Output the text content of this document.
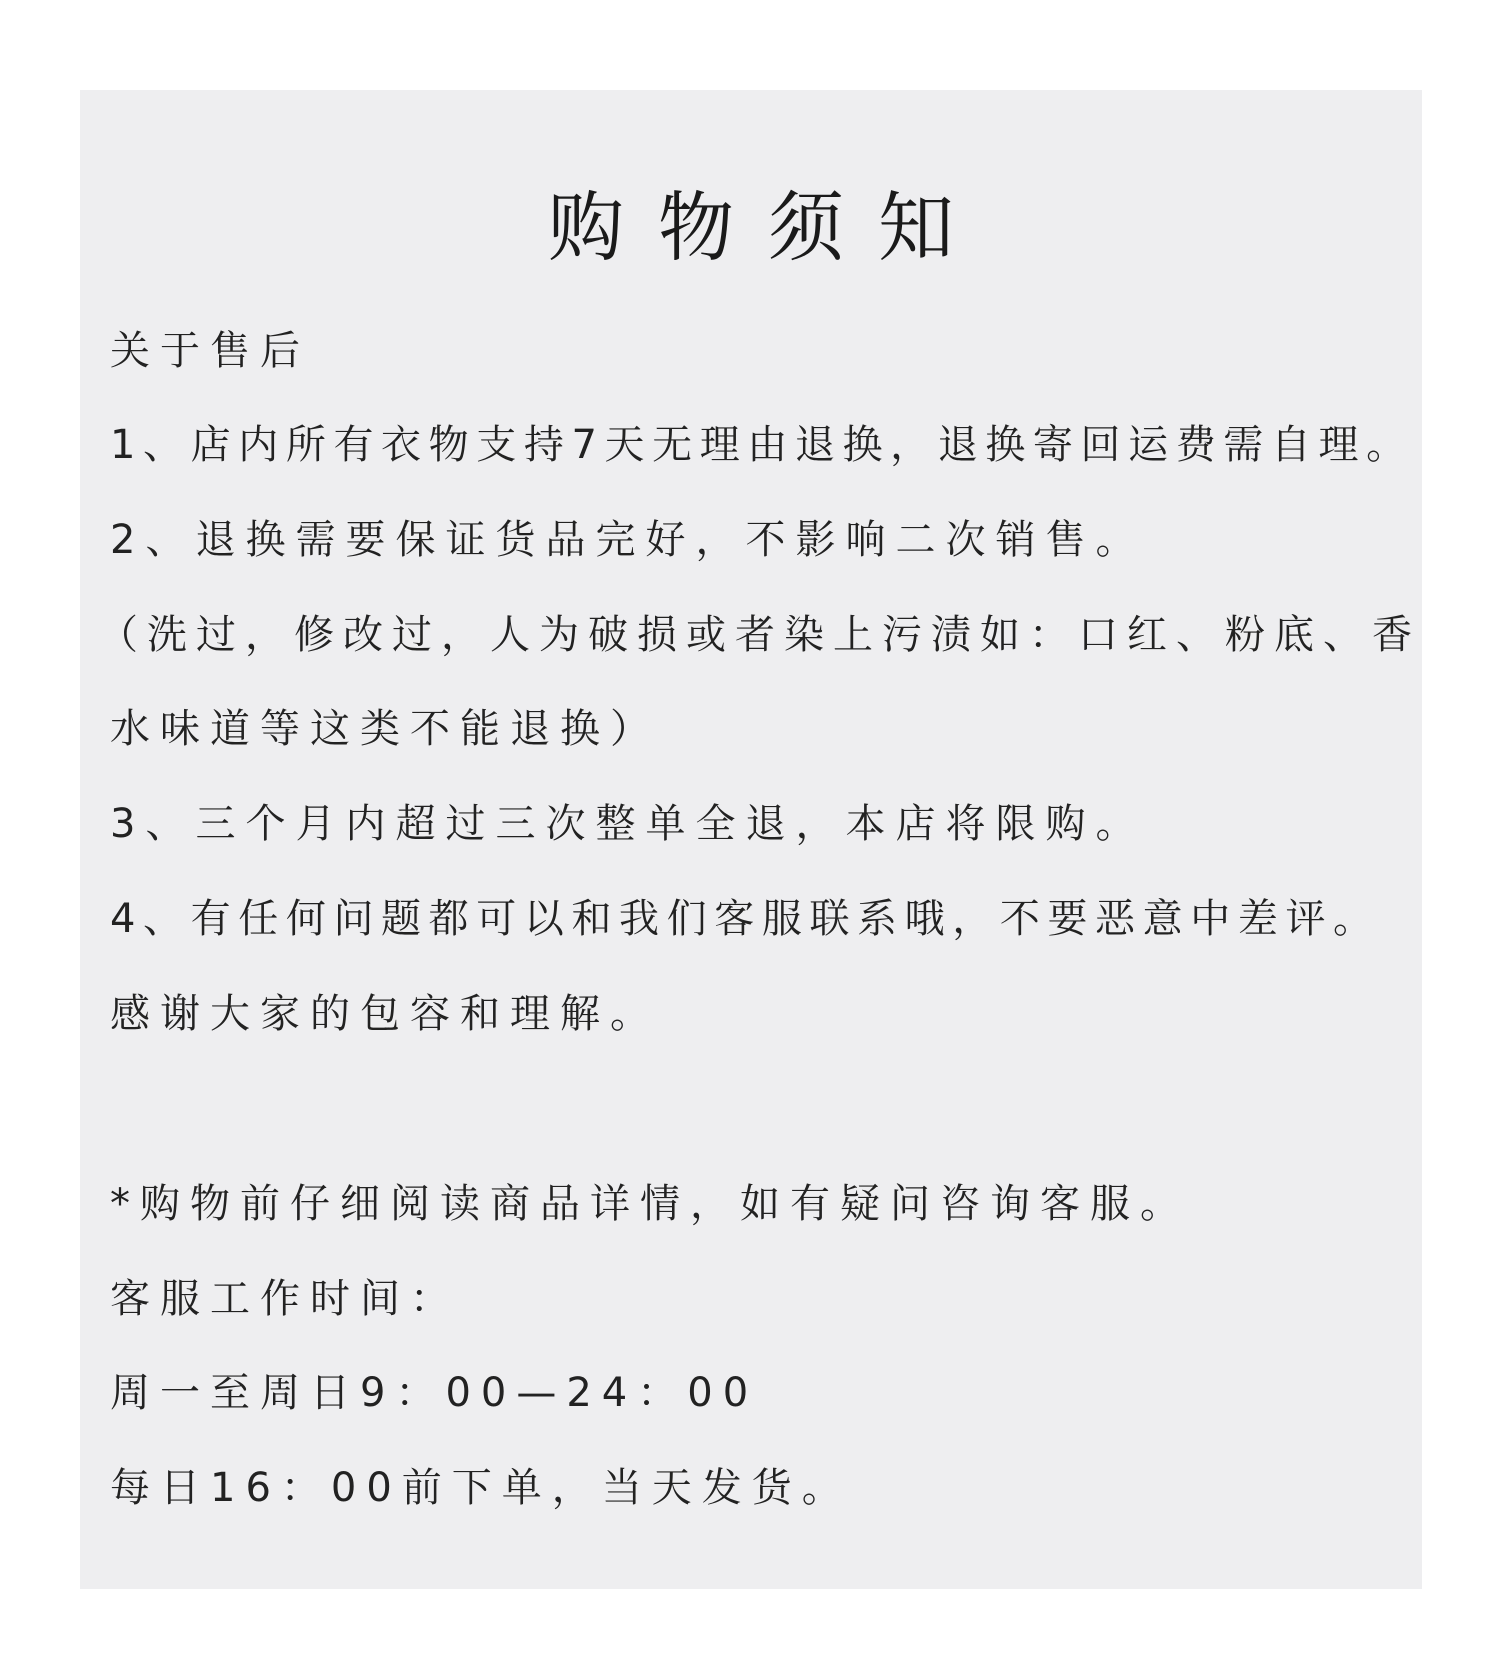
购物须知
关于售后
1、店内所有衣物支持7天无理由退换，退换寄回运费需自理。
2、退换需要保证货品完好，不影响二次销售。
（洗过，修改过，人为破损或者染上污渍如：口红、粉底、香
水味道等这类不能退换）
3、三个月内超过三次整单全退，本店将限购。
4、有任何问题都可以和我们客服联系哦，不要恶意中差评。
感谢大家的包容和理解。
*购物前仔细阅读商品详情，如有疑问咨询客服。
客服工作时间：
周一至周日9：00—24：00
每日16：00前下单，当天发货。
